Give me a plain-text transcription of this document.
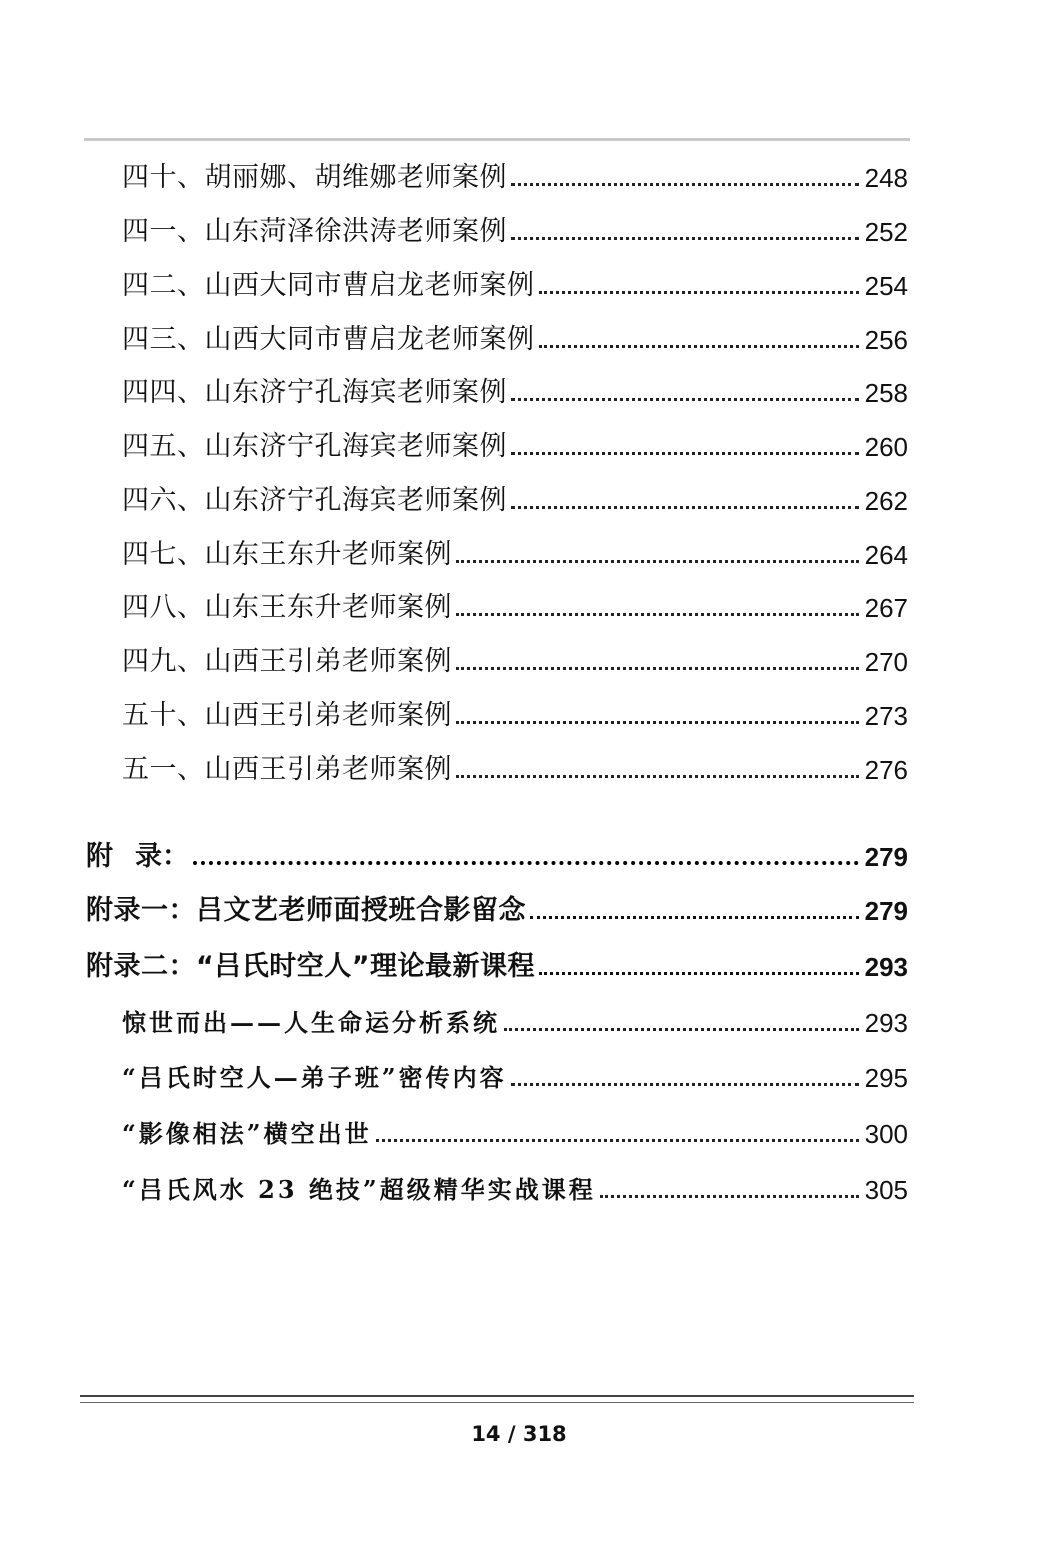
四十、胡丽娜、胡维娜老师案例	248
四一、山东菏泽徐洪涛老师案例	252
四二、山西大同市曹启龙老师案例	254
四三、山西大同市曹启龙老师案例	256
四四、山东济宁孔海宾老师案例	258
四五、山东济宁孔海宾老师案例	260
四六、山东济宁孔海宾老师案例	262
四七、山东王东升老师案例	264
四八、山东王东升老师案例	267
四九、山西王引弟老师案例	270
五十、山西王引弟老师案例	273
五一、山西王引弟老师案例	276
附 录：	279
附录一：吕文艺老师面授班合影留念	279
附录二：“吕氏时空人”理论最新课程	293
惊世而出——人生命运分析系统	293
“吕氏时空人—弟子班”密传内容	295
“影像相法”横空出世	300
“吕氏风水 23 绝技”超级精华实战课程	305
14 / 318
